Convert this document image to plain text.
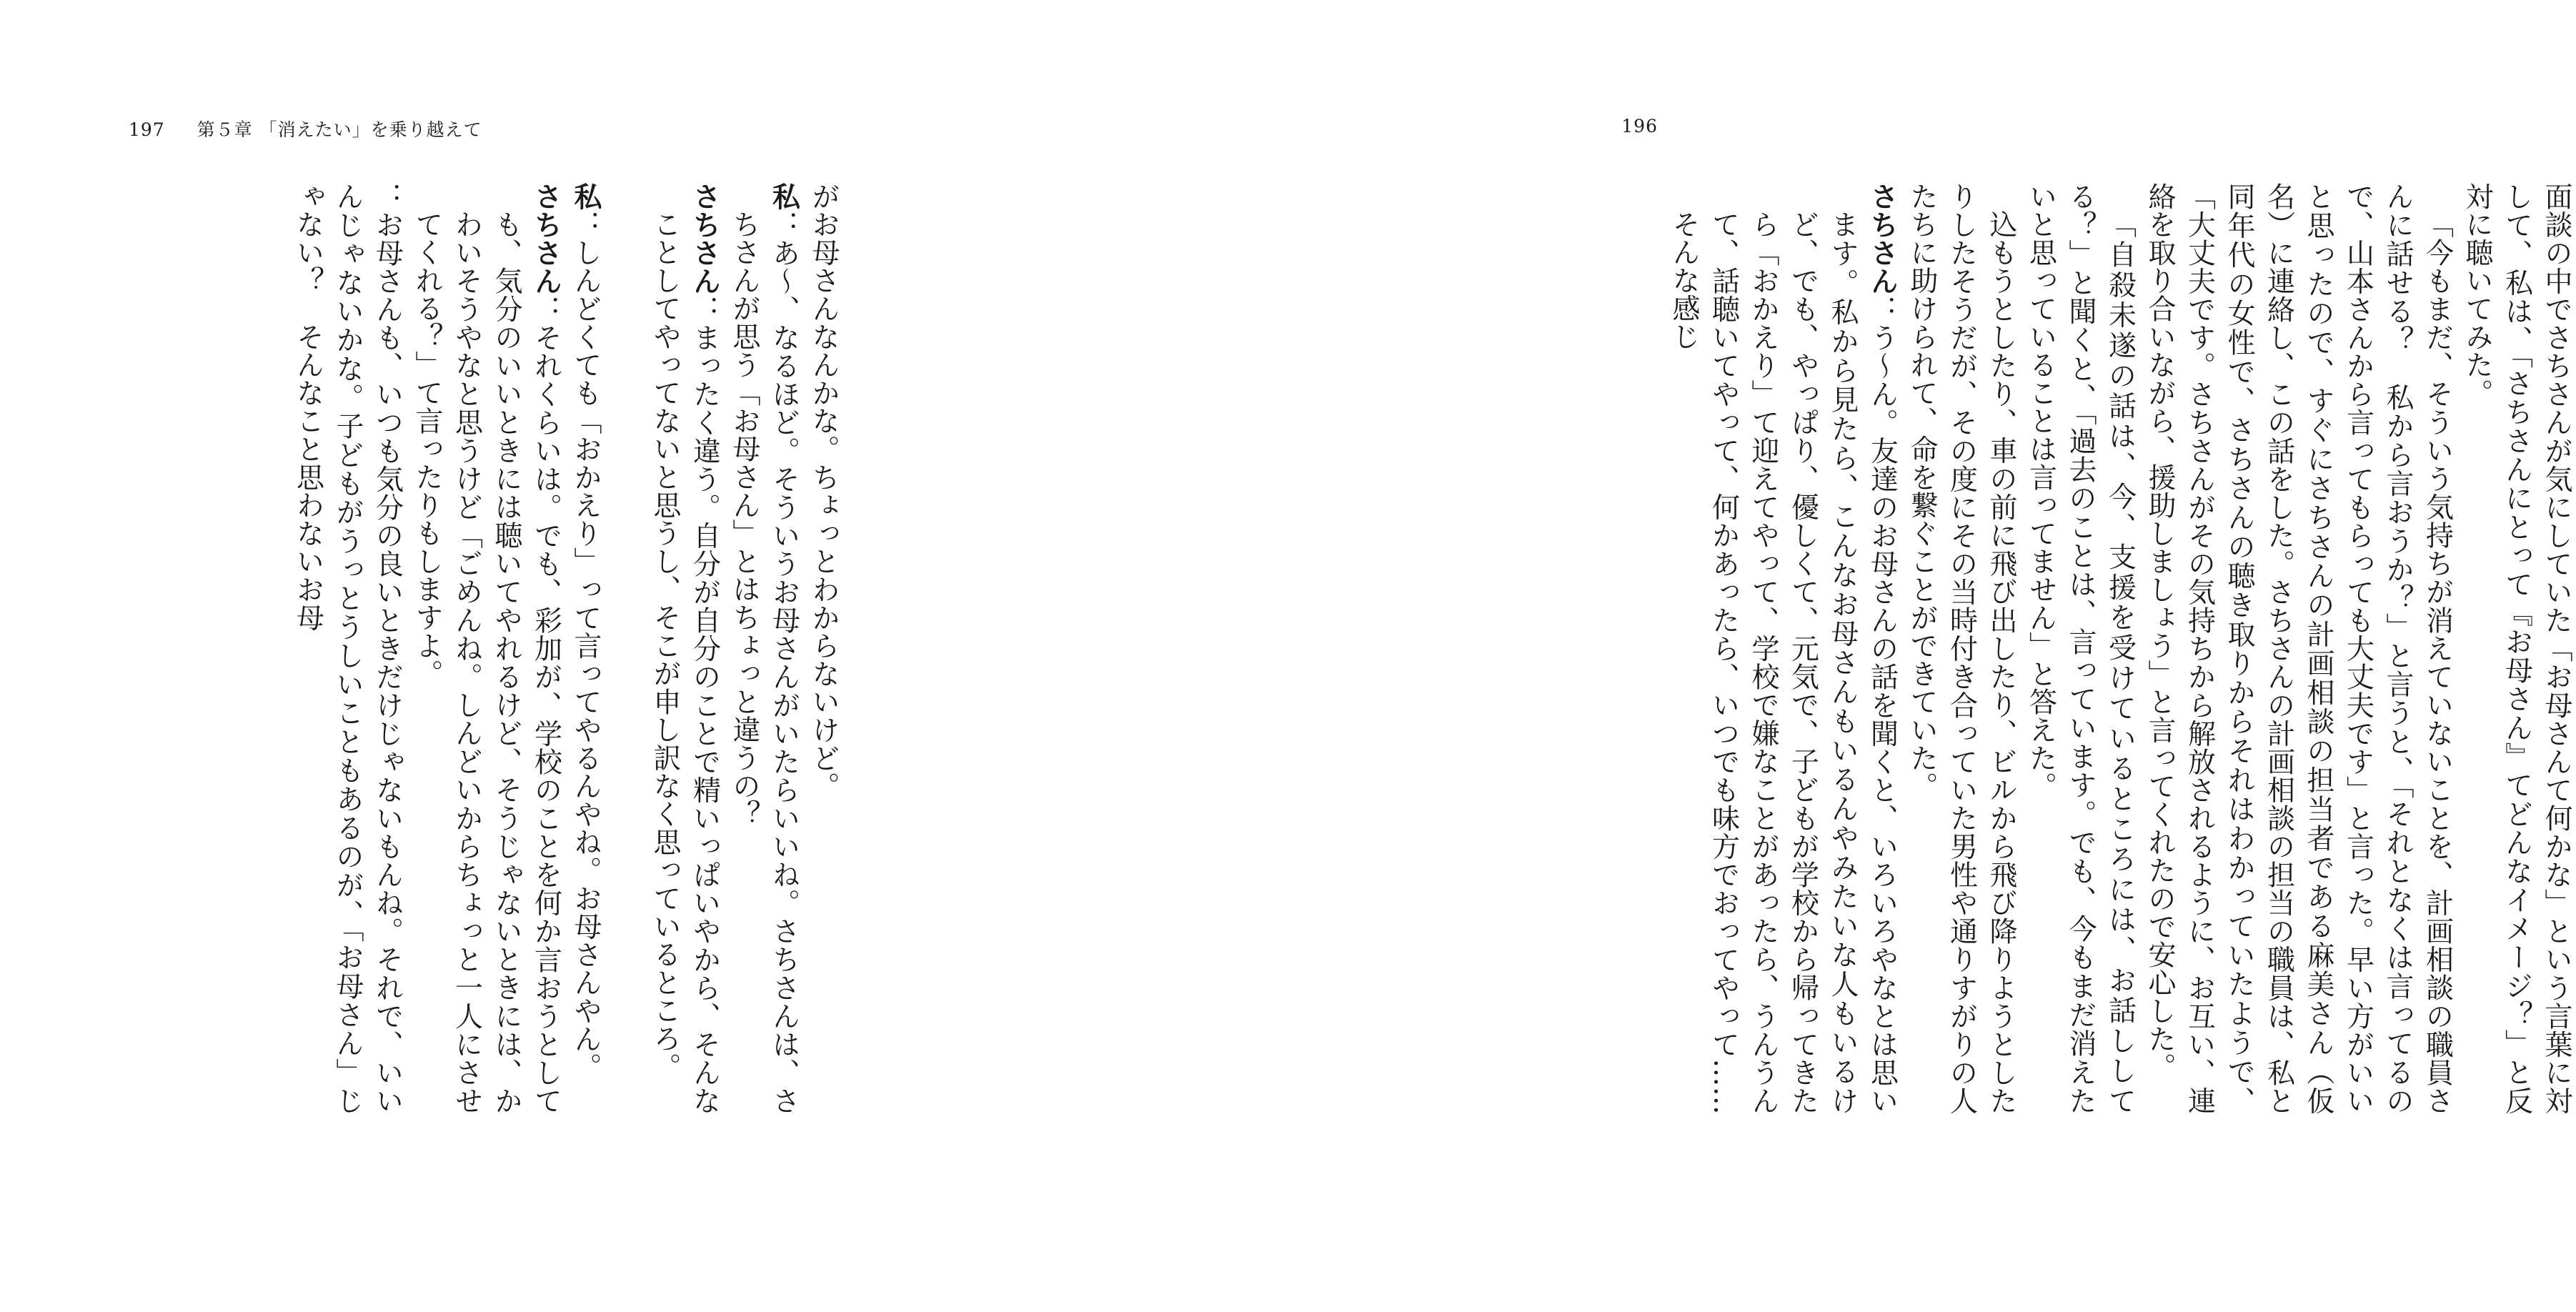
197 第５章 「消えたい」を乗り越えて

がお母さんなんかな。ちょっとわからないけど。

私：あ～、なるほど。そういうお母さんがいたらいいね。さちさんは、さちさんが思う「お母さん」とはちょっと違うの？

さちさん：まったく違う。自分が自分のことで精いっぱいやから、そんなことしてやってないと思うし、そこが申し訳なく思っているところ。

私：しんどくても「おかえり」って言ってやるんやね。お母さんやん。

さちさん：それくらいは。でも、彩加が、学校のことを何か言おうとしても、気分のいいときには聴いてやれるけど、そうじゃないときには、かわいそうやなと思うけど「ごめんね。しんどいからちょっと一人にさせてくれる？」て言ったりもしますよ。

：お母さんも、いつも気分の良いときだけじゃないもんね。それで、いいんじゃないかな。子どもがうっとうしいこともあるのが、「お母さん」じゃない？　そんなこと思わないお母

196

面談の中でさちさんが気にしていた「お母さんて何かな」という言葉に対して、私は、「さちさんにとって『お母さん』てどんなイメージ？」と反対に聴いてみた。

「今もまだ、そういう気持ちが消えていないことを、計画相談の職員さんに話せる？　私から言おうか？」と言うと、「それとなくは言ってるので、山本さんから言ってもらっても大丈夫です」と言った。早い方がいいと思ったので、すぐにさちさんの計画相談の担当者である麻美さん（仮名）に連絡し、この話をした。さちさんの計画相談の担当の職員は、私と同年代の女性で、さちさんの聴き取りからそれはわかっていたようで、「大丈夫です。さちさんがその気持ちから解放されるように、お互い、連絡を取り合いながら、援助しましょう」と言ってくれたので安心した。

「自殺未遂の話は、今、支援を受けているところには、お話ししてる？」と聞くと、「過去のことは、言っています。でも、今もまだ消えたいと思っていることは言ってません」と答えた。

込もうとしたり、車の前に飛び出したり、ビルから飛び降りようとしたりしたそうだが、その度にその当時付き合っていた男性や通りすがりの人たちに助けられて、命を繋ぐことができていた。

さちさん：う～ん。友達のお母さんの話を聞くと、いろいろやなとは思います。私から見たら、こんなお母さんもいるんやみたいな人もいるけど、でも、やっぱり、優しくて、元気で、子どもが学校から帰ってきたら「おかえり」て迎えてやって、学校で嫌なことがあったら、うんうんて、話聴いてやって、何かあったら、いつでも味方でおってやって……そんな感じ
